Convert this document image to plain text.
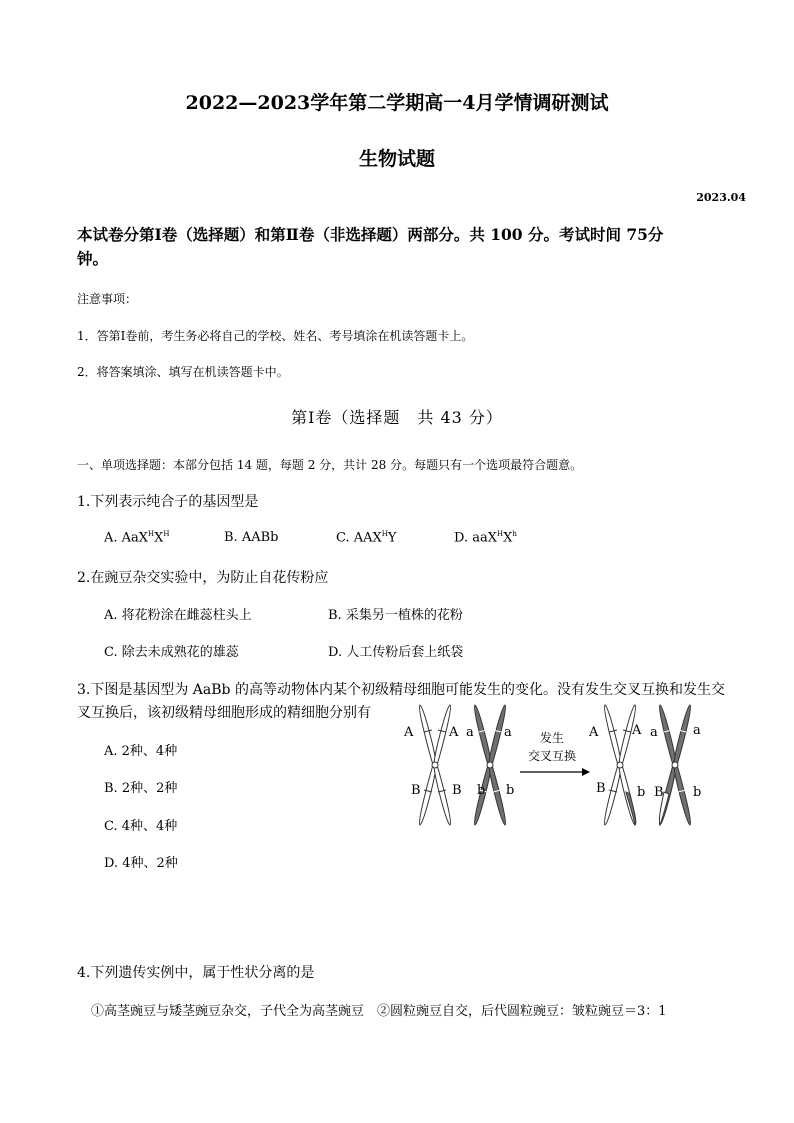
2022—2023学年第二学期高一4月学情调研测试
生物试题
2023.04
本试卷分第Ⅰ卷（选择题）和第Ⅱ卷（非选择题）两部分。共 100 分。考试时间 75分
钟。
注意事项：
1．答第Ⅰ卷前，考生务必将自己的学校、姓名、考号填涂在机读答题卡上。
2．将答案填涂、填写在机读答题卡中。
第Ⅰ卷（选择题　共 43 分）
一、单项选择题：本部分包括 14 题，每题 2 分，共计 28 分。每题只有一个选项最符合题意。
1.下列表示纯合子的基因型是
A. $AaX^HX^H$	B. AABb	C. $AAX^HY$	D. $aaX^HX^h$
2.在豌豆杂交实验中，为防止自花传粉应
A. 将花粉涂在雌蕊柱头上	B. 采集另一植株的花粉
C. 除去未成熟花的雄蕊	D. 人工传粉后套上纸袋
3.下图是基因型为 AaBb 的高等动物体内某个初级精母细胞可能发生的变化。没有发生交叉互换和发生交
叉互换后，该初级精母细胞形成的精细胞分别有
A. 2种、4种
B. 2种、2种
C. 4种、4种
D. 4种、2种
A	A
B B
a a
b b
发生
交叉互换
A	A
B b
a	a
B b
4.下列遗传实例中，属于性状分离的是
①高茎豌豆与矮茎豌豆杂交，子代全为高茎豌豆　②圆粒豌豆自交，后代圆粒豌豆：皱粒豌豆＝3：1
